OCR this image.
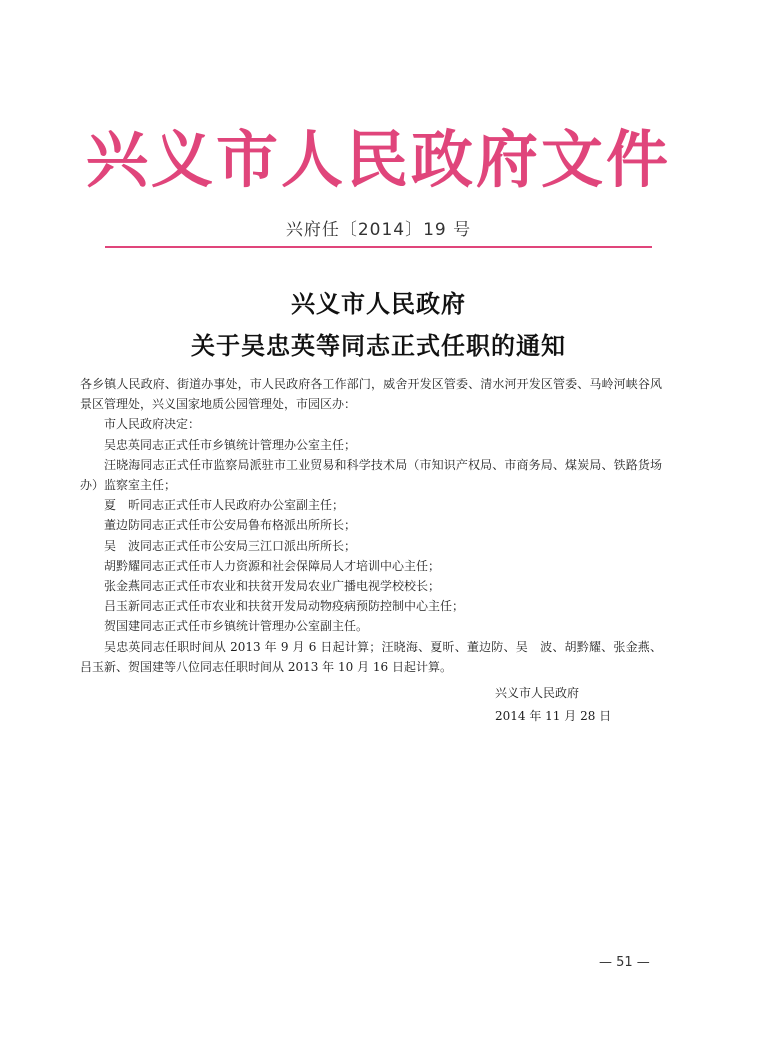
兴义市人民政府文件
兴府任〔2014〕19 号
兴义市人民政府
关于吴忠英等同志正式任职的通知

各乡镇人民政府、街道办事处，市人民政府各工作部门，威舍开发区管委、清水河开发区管委、马岭河峡谷风景区管理处，兴义国家地质公园管理处，市园区办：

市人民政府决定：

吴忠英同志正式任市乡镇统计管理办公室主任；

汪晓海同志正式任市监察局派驻市工业贸易和科学技术局（市知识产权局、市商务局、煤炭局、铁路货场办）监察室主任；

夏　昕同志正式任市人民政府办公室副主任；

董边防同志正式任市公安局鲁布格派出所所长；

吴　波同志正式任市公安局三江口派出所所长；

胡黔耀同志正式任市人力资源和社会保障局人才培训中心主任；

张金燕同志正式任市农业和扶贫开发局农业广播电视学校校长；

吕玉新同志正式任市农业和扶贫开发局动物疫病预防控制中心主任；

贺国建同志正式任市乡镇统计管理办公室副主任。

吴忠英同志任职时间从 2013 年 9 月 6 日起计算；汪晓海、夏昕、董边防、吴　波、胡黔耀、张金燕、吕玉新、贺国建等八位同志任职时间从 2013 年 10 月 16 日起计算。

兴义市人民政府
2014 年 11 月 28 日
— 51 —
